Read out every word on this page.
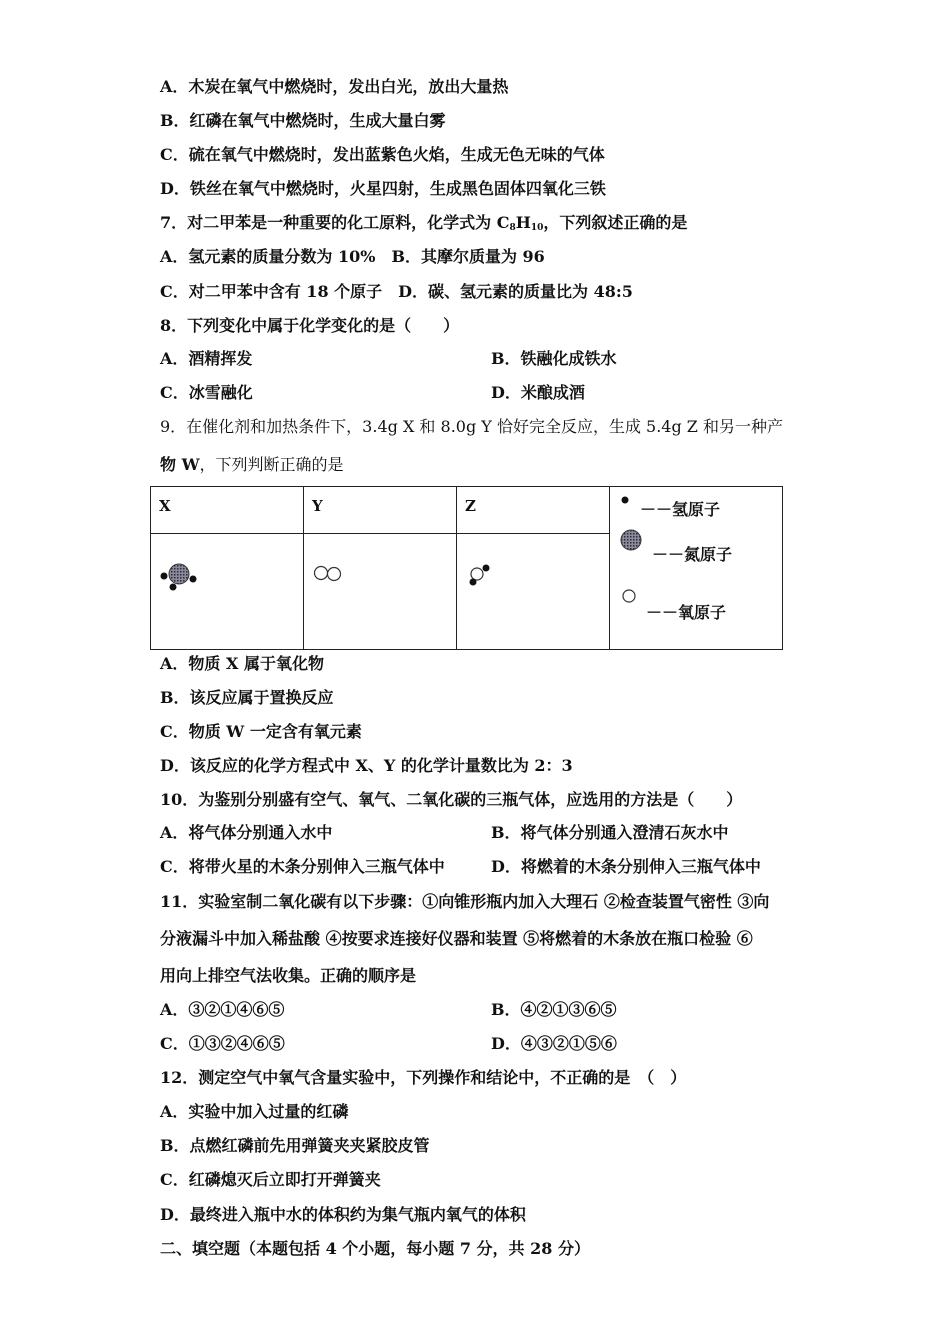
A．木炭在氧气中燃烧时，发出白光，放出大量热
B．红磷在氧气中燃烧时，生成大量白雾
C．硫在氧气中燃烧时，发出蓝紫色火焰，生成无色无味的气体
D．铁丝在氧气中燃烧时，火星四射，生成黑色固体四氧化三铁
7．对二甲苯是一种重要的化工原料，化学式为 $C_8H_{10}$，下列叙述正确的是
A．氢元素的质量分数为 10%　B．其摩尔质量为 96
C．对二甲苯中含有 18 个原子　D．碳、氢元素的质量比为 48:5
8．下列变化中属于化学变化的是（　　）
A．酒精挥发	B．铁融化成铁水
C．冰雪融化	D．米酿成酒
9．在催化剂和加热条件下，3.4g X 和 8.0g Y 恰好完全反应，生成 5.4g Z 和另一种产
物 W，下列判断正确的是
X	Y	Z	－－氢原子
－－氮原子
－－氧原子

A．物质 X 属于氧化物
B．该反应属于置换反应
C．物质 W 一定含有氧元素
D．该反应的化学方程式中 X、Y 的化学计量数比为 2：3
10．为鉴别分别盛有空气、氧气、二氧化碳的三瓶气体，应选用的方法是（　　）
A．将气体分别通入水中	B．将气体分别通入澄清石灰水中
C．将带火星的木条分别伸入三瓶气体中	D．将燃着的木条分别伸入三瓶气体中
11．实验室制二氧化碳有以下步骤：①向锥形瓶内加入大理石 ②检查装置气密性 ③向
分液漏斗中加入稀盐酸 ④按要求连接好仪器和装置 ⑤将燃着的木条放在瓶口检验 ⑥
用向上排空气法收集。正确的顺序是
A．③②①④⑥⑤	B．④②①③⑥⑤
C．①③②④⑥⑤	D．④③②①⑤⑥
12．测定空气中氧气含量实验中，下列操作和结论中，不正确的是　（　）
A．实验中加入过量的红磷
B．点燃红磷前先用弹簧夹夹紧胶皮管
C．红磷熄灭后立即打开弹簧夹
D．最终进入瓶中水的体积约为集气瓶内氧气的体积
二、填空题（本题包括 4 个小题，每小题 7 分，共 28 分）
